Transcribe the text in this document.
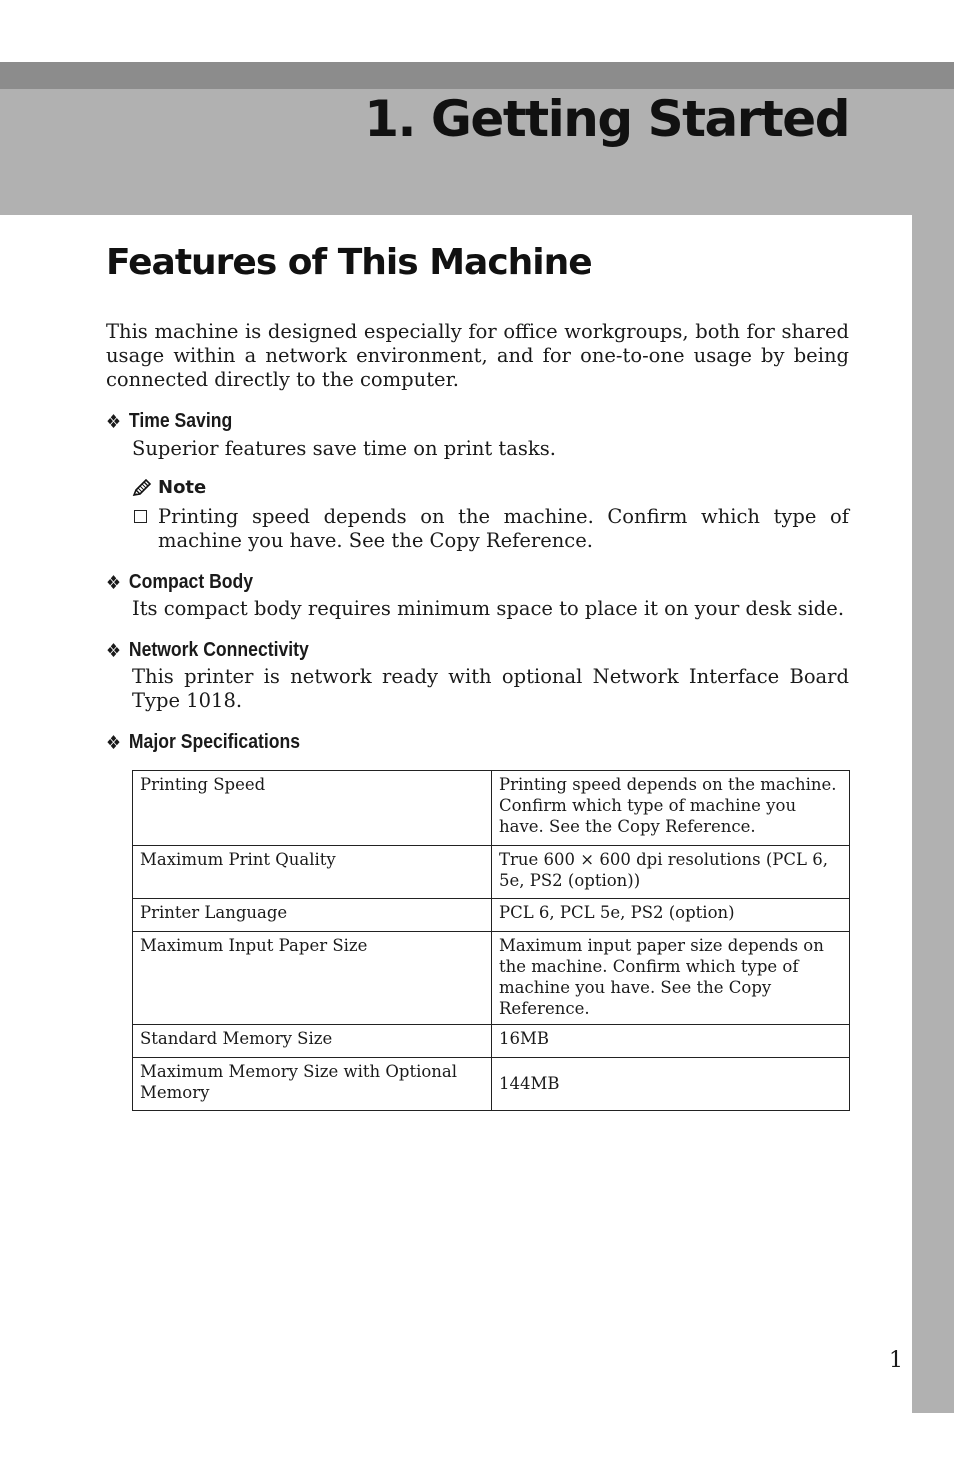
1. Getting Started
Features of This Machine

This machine is designed especially for office workgroups, both for shared usage within a network environment, and for one-to-one usage by being connected directly to the computer.

❖ Time Saving

Superior features save time on print tasks.

Note
Printing speed depends on the machine. Confirm which type of machine you have. See the Copy Reference.
❖ Compact Body

Its compact body requires minimum space to place it on your desk side.

❖ Network Connectivity

This printer is network ready with optional Network Interface Board Type 1018.

❖ Major Specifications
Printing Speed	Printing speed depends on the machine. Confirm which type of machine you have. See the Copy Reference.
Maximum Print Quality	True 600 × 600 dpi resolutions (PCL 6, 5e, PS2 (option))
Printer Language	PCL 6, PCL 5e, PS2 (option)
Maximum Input Paper Size	Maximum input paper size depends on the machine. Confirm which type of machine you have. See the Copy Reference.
Standard Memory Size	16MB
Maximum Memory Size with Optional Memory	144MB
1
